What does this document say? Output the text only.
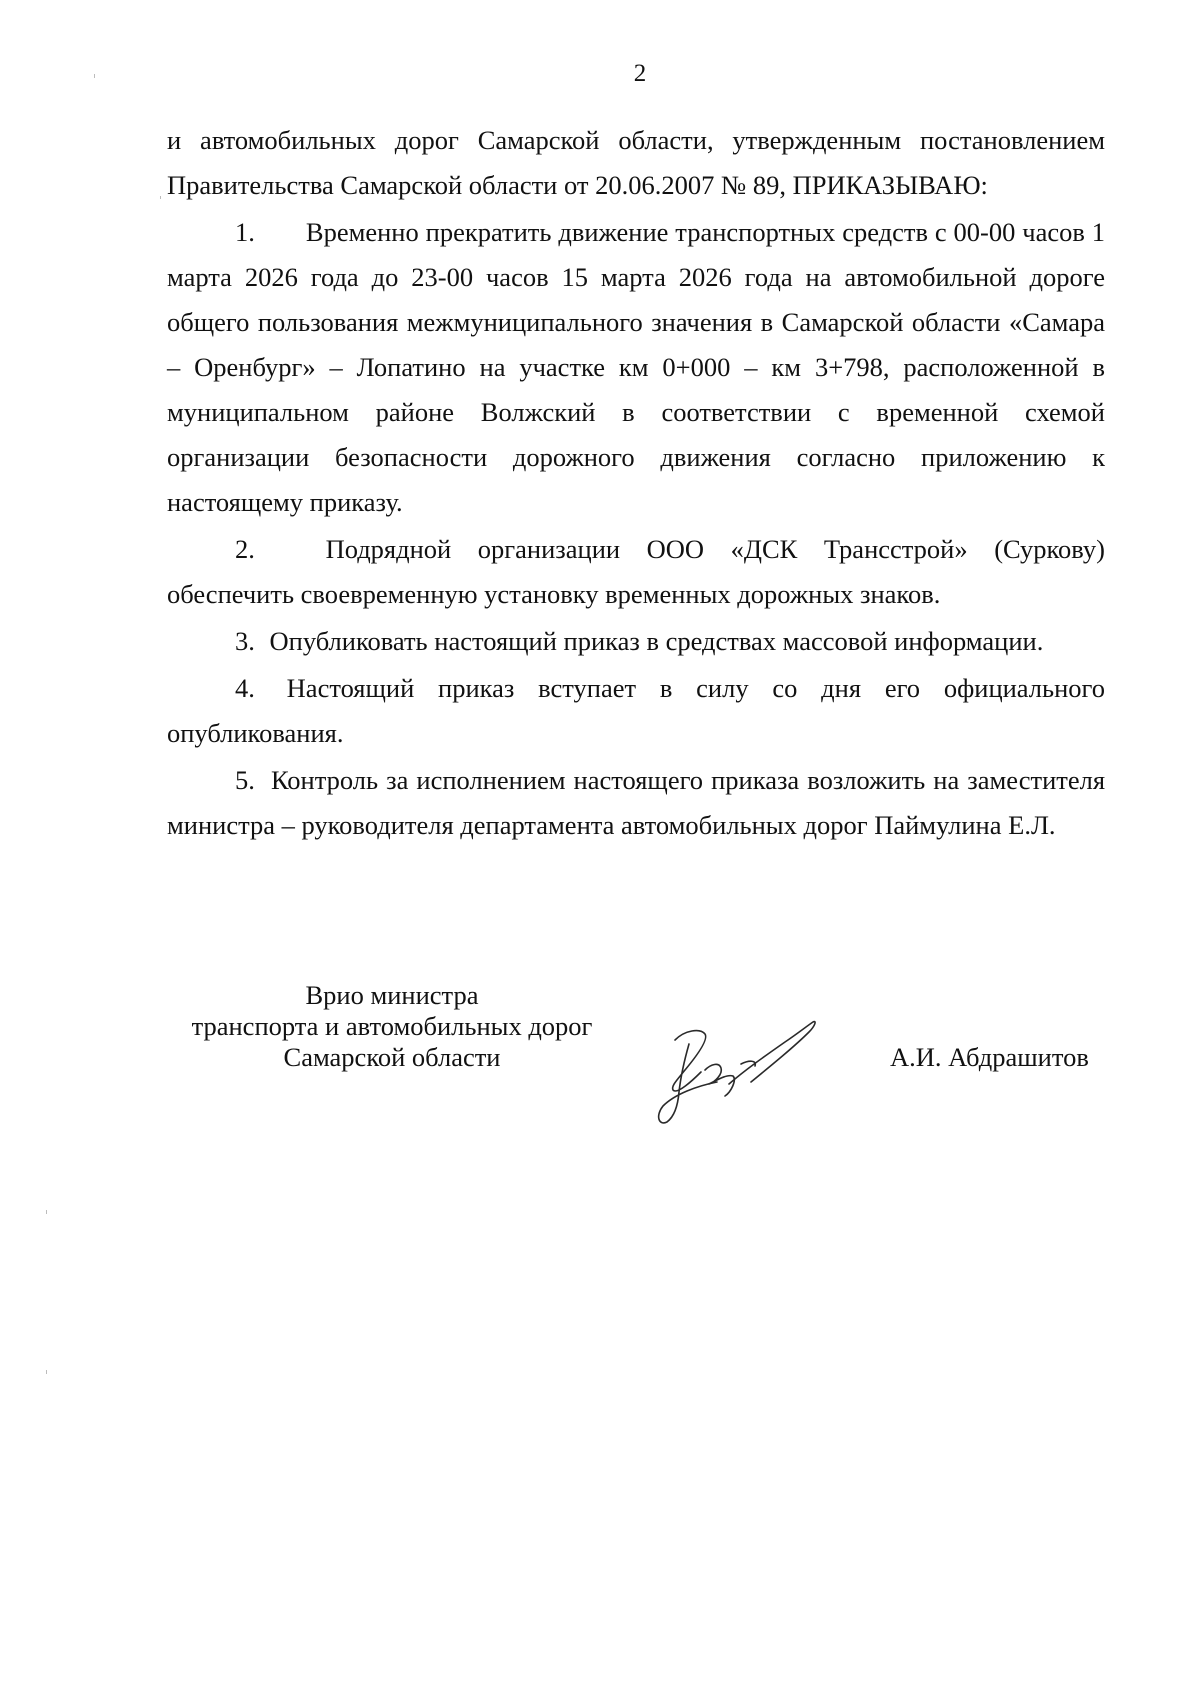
2

и автомобильных дорог Самарской области, утвержденным постановлением Правительства Самарской области от 20.06.2007 № 89, ПРИКАЗЫВАЮ:

1. Временно прекратить движение транспортных средств с 00-00 часов 1 марта 2026 года до 23-00 часов 15 марта 2026 года на автомобильной дороге общего пользования межмуниципального значения в Самарской области «Самара – Оренбург» – Лопатино на участке км 0+000 – км 3+798, расположенной в муниципальном районе Волжский в соответствии с временной схемой организации безопасности дорожного движения согласно приложению к настоящему приказу.

2.	Подрядной организации ООО «ДСК Трансстрой» (Суркову) обеспечить своевременную установку временных дорожных знаков.

3. Опубликовать настоящий приказ в средствах массовой информации.

4. Настоящий приказ вступает в силу со дня его официального опубликования.

5. Контроль за исполнением настоящего приказа возложить на заместителя министра – руководителя департамента автомобильных дорог Паймулина Е.Л.

Врио министра
транспорта и автомобильных дорог
Самарской области	А.И. Абдрашитов
